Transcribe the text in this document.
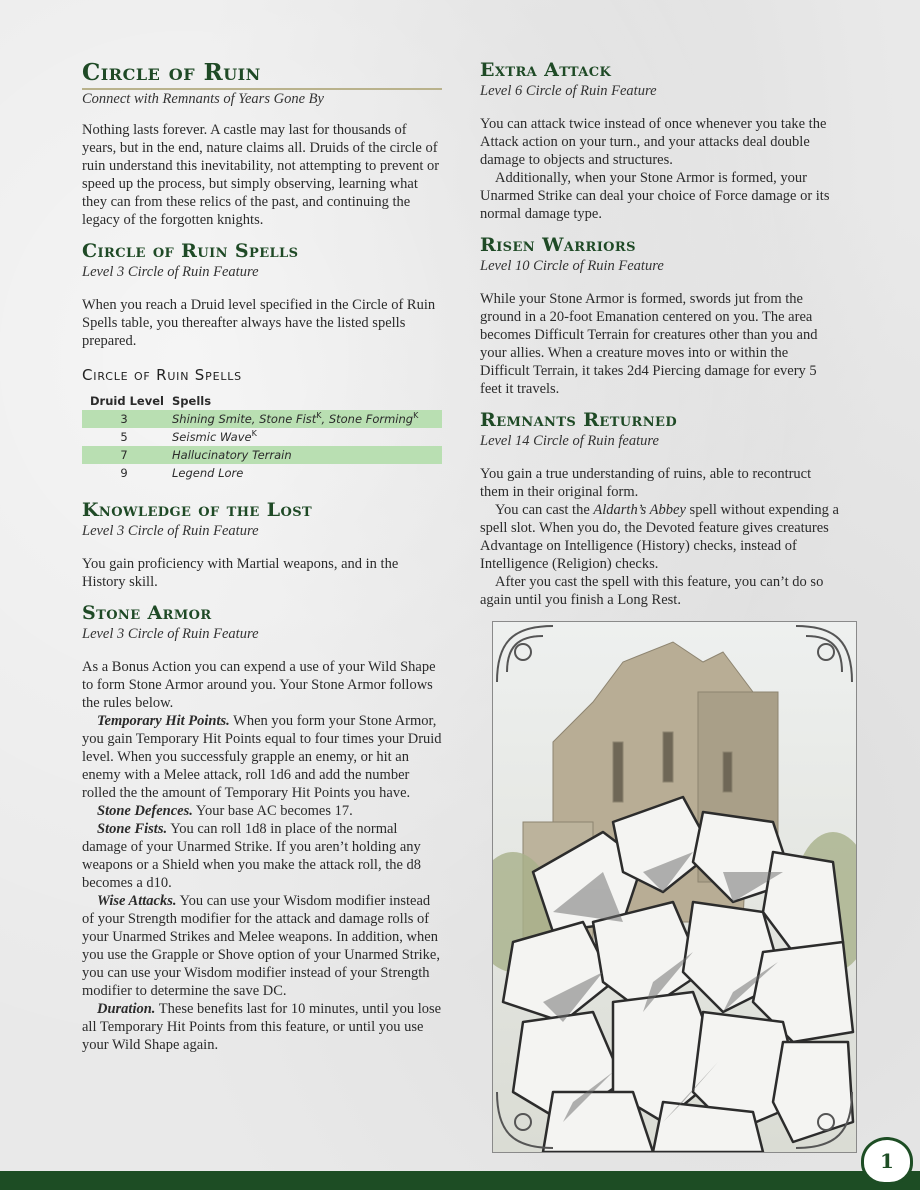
Circle of Ruin
Connect with Remnants of Years Gone By

Nothing lasts forever. A castle may last for thousands of years, but in the end, nature claims all. Druids of the circle of ruin understand this inevitability, not attempting to prevent or speed up the process, but simply observing, learning what they can from these relics of the past, and continuing the legacy of the forgotten knights.

Circle of Ruin Spells
Level 3 Circle of Ruin Feature

When you reach a Druid level specified in the Circle of Ruin Spells table, you thereafter always have the listed spells prepared.

Circle of Ruin Spells
Druid Level	Spells
3	Shining Smite, Stone Fist$^K$, Stone Forming$^K$
5	Seismic Wave$^K$
7	Hallucinatory Terrain
9	Legend Lore
Knowledge of the Lost
Level 3 Circle of Ruin Feature

You gain proficiency with Martial weapons, and in the History skill.

Stone Armor
Level 3 Circle of Ruin Feature

As a Bonus Action you can expend a use of your Wild Shape to form Stone Armor around you. Your Stone Armor follows the rules below.

Temporary Hit Points. When you form your Stone Armor, you gain Temporary Hit Points equal to four times your Druid level. When you successfuly grapple an enemy, or hit an enemy with a Melee attack, roll 1d6 and add the number rolled the the amount of Temporary Hit Points you have.

Stone Defences. Your base AC becomes 17.

Stone Fists. You can roll 1d8 in place of the normal damage of your Unarmed Strike. If you aren’t holding any weapons or a Shield when you make the attack roll, the d8 becomes a d10.

Wise Attacks. You can use your Wisdom modifier instead of your Strength modifier for the attack and damage rolls of your Unarmed Strikes and Melee weapons. In addition, when you use the Grapple or Shove option of your Unarmed Strike, you can use your Wisdom modifier instead of your Strength modifier to determine the save DC.

Duration. These benefits last for 10 minutes, until you lose all Temporary Hit Points from this feature, or until you use your Wild Shape again.

Extra Attack
Level 6 Circle of Ruin Feature

You can attack twice instead of once whenever you take the Attack action on your turn., and your attacks deal double damage to objects and structures.

Additionally, when your Stone Armor is formed, your Unarmed Strike can deal your choice of Force damage or its normal damage type.

Risen Warriors
Level 10 Circle of Ruin Feature

While your Stone Armor is formed, swords jut from the ground in a 20-foot Emanation centered on you. The area becomes Difficult Terrain for creatures other than you and your allies. When a creature moves into or within the Difficult Terrain, it takes 2d4 Piercing damage for every 5 feet it travels.

Remnants Returned
Level 14 Circle of Ruin feature

You gain a true understanding of ruins, able to recontruct them in their original form.

You can cast the Aldarth’s Abbey spell without expending a spell slot. When you do, the Devoted feature gives creatures Advantage on Intelligence (History) checks, instead of Intelligence (Religion) checks.

After you cast the spell with this feature, you can’t do so again until you finish a Long Rest.

1
